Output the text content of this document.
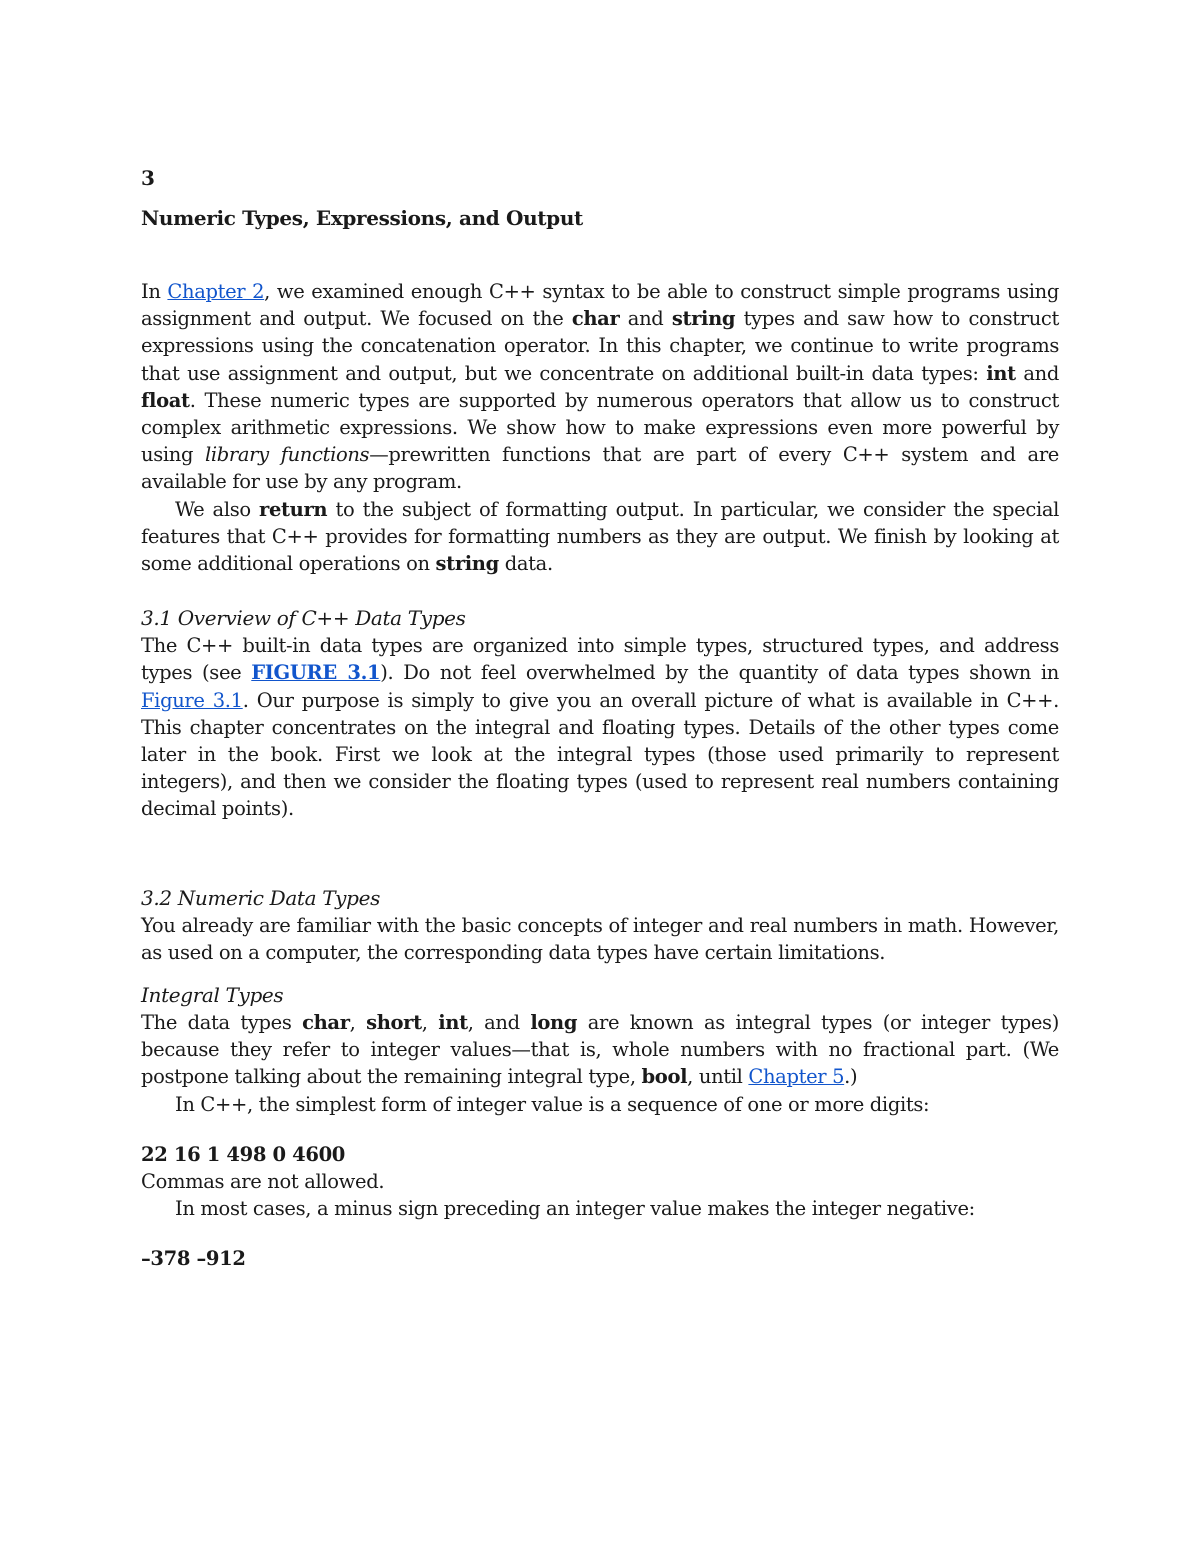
3
Numeric Types, Expressions, and Output

In Chapter 2, we examined enough C++ syntax to be able to construct simple programs using assignment and output. We focused on the char and string types and saw how to construct expressions using the concatenation operator. In this chapter, we continue to write programs that use assignment and output, but we concentrate on additional built-in data types: int and float. These numeric types are supported by numerous operators that allow us to construct complex arithmetic expressions. We show how to make expressions even more powerful by using library functions—prewritten functions that are part of every C++ system and are available for use by any program.

We also return to the subject of formatting output. In particular, we consider the special features that C++ provides for formatting numbers as they are output. We finish by looking at some additional operations on string data.

3.1 Overview of C++ Data Types

The C++ built-in data types are organized into simple types, structured types, and address types (see FIGURE 3.1). Do not feel overwhelmed by the quantity of data types shown in Figure 3.1. Our purpose is simply to give you an overall picture of what is available in C++. This chapter concentrates on the integral and floating types. Details of the other types come later in the book. First we look at the integral types (those used primarily to represent integers), and then we consider the floating types (used to represent real numbers containing decimal points).

3.2 Numeric Data Types

You already are familiar with the basic concepts of integer and real numbers in math. However, as used on a computer, the corresponding data types have certain limitations.

Integral Types

The data types char, short, int, and long are known as integral types (or integer types) because they refer to integer values—that is, whole numbers with no fractional part. (We postpone talking about the remaining integral type, bool, until Chapter 5.)

In C++, the simplest form of integer value is a sequence of one or more digits:

22 16 1 498 0 4600

Commas are not allowed.

In most cases, a minus sign preceding an integer value makes the integer negative:

–378 –912
